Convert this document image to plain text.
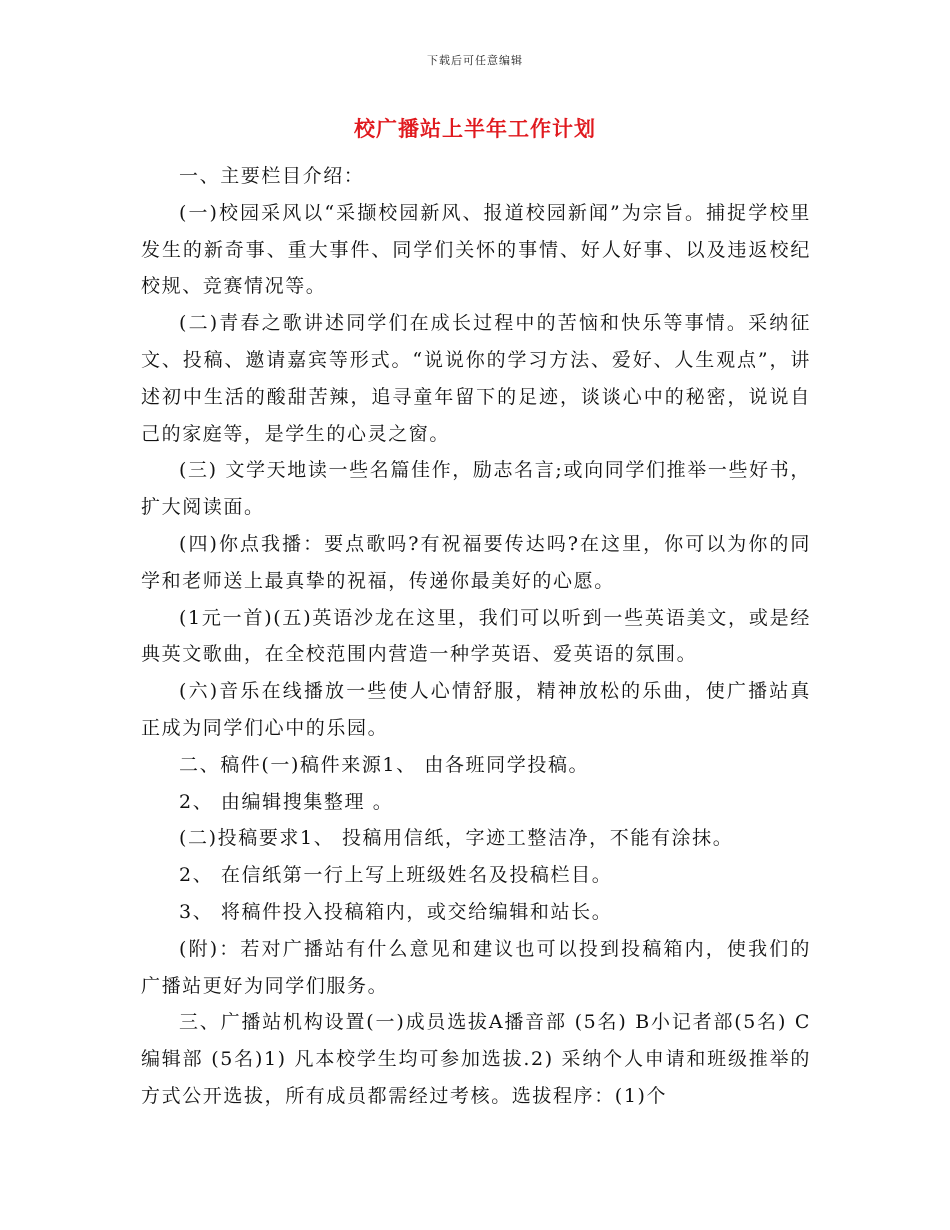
下载后可任意编辑
校广播站上半年工作计划

一、主要栏目介绍：

(一)校园采风以“采撷校园新风、报道校园新闻”为宗旨。捕捉学校里发生的新奇事、重大事件、同学们关怀的事情、好人好事、以及违返校纪校规、竞赛情况等。

(二)青春之歌讲述同学们在成长过程中的苦恼和快乐等事情。采纳征文、投稿、邀请嘉宾等形式。“说说你的学习方法、爱好、人生观点”，讲述初中生活的酸甜苦辣，追寻童年留下的足迹，谈谈心中的秘密，说说自己的家庭等，是学生的心灵之窗。

(三) 文学天地读一些名篇佳作，励志名言;或向同学们推举一些好书，扩大阅读面。

(四)你点我播：要点歌吗?有祝福要传达吗?在这里，你可以为你的同学和老师送上最真挚的祝福，传递你最美好的心愿。

(1元一首)(五)英语沙龙在这里，我们可以听到一些英语美文，或是经典英文歌曲，在全校范围内营造一种学英语、爱英语的氛围。

(六)音乐在线播放一些使人心情舒服，精神放松的乐曲，使广播站真正成为同学们心中的乐园。

二、稿件(一)稿件来源1、 由各班同学投稿。

2、 由编辑搜集整理 。

(二)投稿要求1、 投稿用信纸，字迹工整洁净，不能有涂抹。

2、 在信纸第一行上写上班级姓名及投稿栏目。

3、 将稿件投入投稿箱内，或交给编辑和站长。

(附)：若对广播站有什么意见和建议也可以投到投稿箱内，使我们的广播站更好为同学们服务。

三、广播站机构设置(一)成员选拔A播音部 (5名) B小记者部(5名) C编辑部 (5名)1) 凡本校学生均可参加选拔.2) 采纳个人申请和班级推举的方式公开选拔，所有成员都需经过考核。选拔程序：(1)个
